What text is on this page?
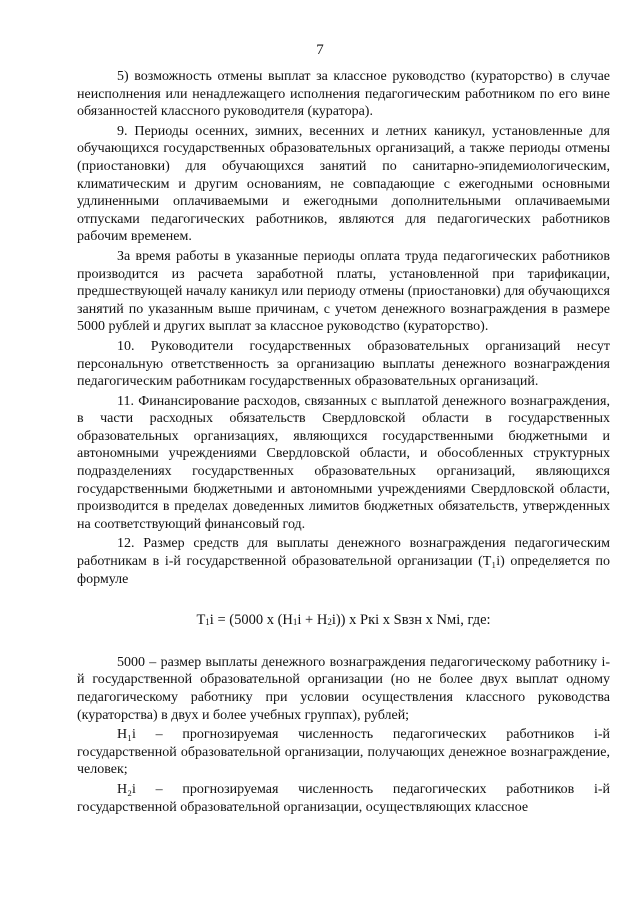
7

5) возможность отмены выплат за классное руководство (кураторство) в случае неисполнения или ненадлежащего исполнения педагогическим работником по его вине обязанностей классного руководителя (куратора).

9. Периоды осенних, зимних, весенних и летних каникул, установленные для обучающихся государственных образовательных организаций, а также периоды отмены (приостановки) для обучающихся занятий по санитарно-эпидемиологическим, климатическим и другим основаниям, не совпадающие с ежегодными основными удлиненными оплачиваемыми и ежегодными дополнительными оплачиваемыми отпусками педагогических работников, являются для педагогических работников рабочим временем.

За время работы в указанные периоды оплата труда педагогических работников производится из расчета заработной платы, установленной при тарификации, предшествующей началу каникул или периоду отмены (приостановки) для обучающихся занятий по указанным выше причинам, с учетом денежного вознаграждения в размере 5000 рублей и других выплат за классное руководство (кураторство).

10. Руководители государственных образовательных организаций несут персональную ответственность за организацию выплаты денежного вознаграждения педагогическим работникам государственных образовательных организаций.

11. Финансирование расходов, связанных с выплатой денежного вознаграждения, в части расходных обязательств Свердловской области в государственных образовательных организациях, являющихся государственными бюджетными и автономными учреждениями Свердловской области, и обособленных структурных подразделениях государственных образовательных организаций, являющихся государственными бюджетными и автономными учреждениями Свердловской области, производится в пределах доведенных лимитов бюджетных обязательств, утвержденных на соответствующий финансовый год.

12. Размер средств для выплаты денежного вознаграждения педагогическим работникам в i-й государственной образовательной организации (T₁i) определяется по формуле

$T_1i = (5000$ x $(H_1i + H_2i)$) x Pкi x Sвзн x Nмi, где:

5000 – размер выплаты денежного вознаграждения педагогическому работнику i-й государственной образовательной организации (но не более двух выплат одному педагогическому работнику при условии осуществления классного руководства (кураторства) в двух и более учебных группах), рублей;

H₁i – прогнозируемая численность педагогических работников i-й государственной образовательной организации, получающих денежное вознаграждение, человек;

H₂i – прогнозируемая численность педагогических работников i-й государственной образовательной организации, осуществляющих классное
